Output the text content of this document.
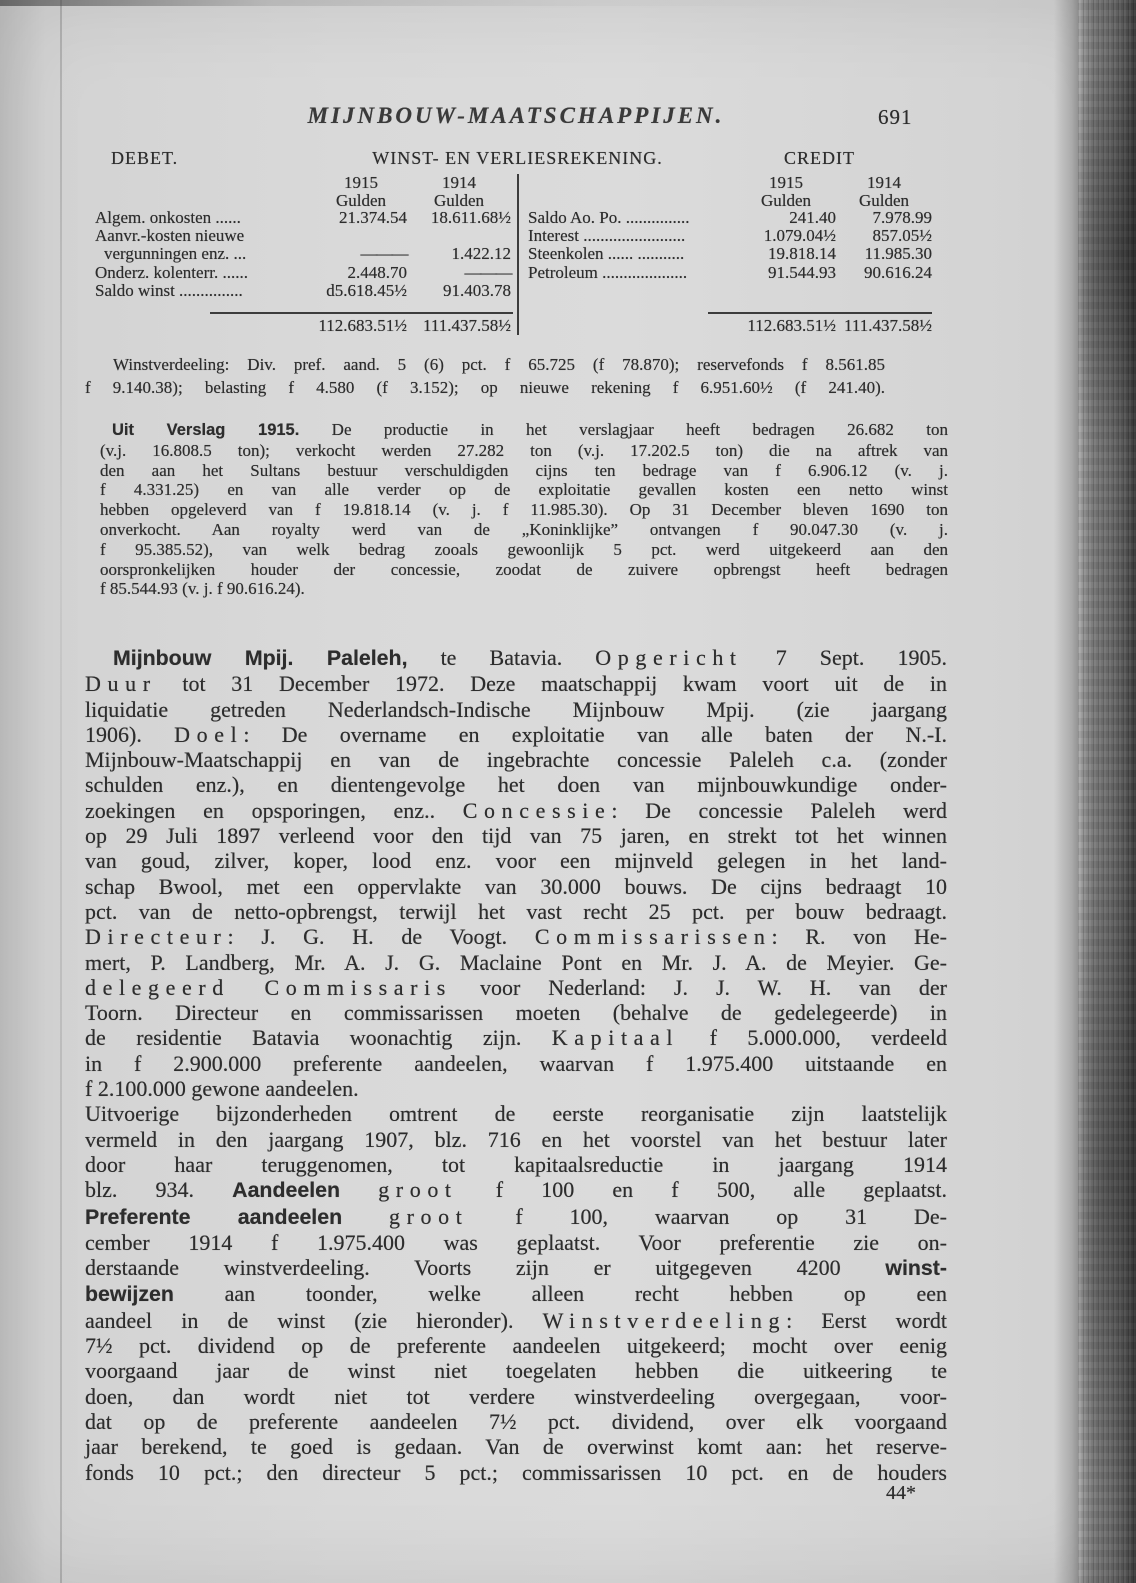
MIJNBOUW-MAATSCHAPPIJEN.	691
DEBET.	WINST- EN VERLIESREKENING.	CREDIT
1915	1914
Gulden	Gulden
Algem. onkosten ......	21.374.54	18.611.68½
Aanvr.-kosten nieuwe
vergunningen enz. ...	———	1.422.12
Onderz. kolenterr. ......	2.448.70	———
Saldo winst ...............	d5.618.45½	91.403.78
112.683.51½ 111.437.58½
1915	1914
Gulden	Gulden
Saldo Ao. Po. ...............	241.40	7.978.99
Interest ........................	1.079.04½	857.05½
Steenkolen ...... ...........	19.818.14	11.985.30
Petroleum ....................	91.544.93	90.616.24
112.683.51½ 111.437.58½
Winstverdeeling: Div. pref. aand. 5 (6) pct. f 65.725 (f 78.870); reservefonds f 8.561.85
f 9.140.38); belasting f 4.580 (f 3.152); op nieuwe rekening f 6.951.60½ (f 241.40).
Uit Verslag 1915. De productie in het verslagjaar heeft bedragen 26.682 ton
(v.j. 16.808.5 ton); verkocht werden 27.282 ton (v.j. 17.202.5 ton) die na aftrek van
den aan het Sultans bestuur verschuldigden cijns ten bedrage van f 6.906.12 (v. j.
f 4.331.25) en van alle verder op de exploitatie gevallen kosten een netto winst
hebben opgeleverd van f 19.818.14 (v. j. f 11.985.30). Op 31 December bleven 1690 ton
onverkocht. Aan royalty werd van de „Koninklijke” ontvangen f 90.047.30 (v. j.
f 95.385.52), van welk bedrag zooals gewoonlijk 5 pct. werd uitgekeerd aan den
oorspronkelijken houder der concessie, zoodat de zuivere opbrengst heeft bedragen
f 85.544.93 (v. j. f 90.616.24).
Mijnbouw Mpij. Paleleh, te Batavia. Opgericht 7 Sept. 1905.
Duur tot 31 December 1972. Deze maatschappij kwam voort uit de in
liquidatie getreden Nederlandsch-Indische Mijnbouw Mpij. (zie jaargang
1906). Doel: De overname en exploitatie van alle baten der N.-I.
Mijnbouw-Maatschappij en van de ingebrachte concessie Paleleh c.a. (zonder
schulden enz.), en dientengevolge het doen van mijnbouwkundige onder-
zoekingen en opsporingen, enz.. Concessie: De concessie Paleleh werd
op 29 Juli 1897 verleend voor den tijd van 75 jaren, en strekt tot het winnen
van goud, zilver, koper, lood enz. voor een mijnveld gelegen in het land-
schap Bwool, met een oppervlakte van 30.000 bouws. De cijns bedraagt 10
pct. van de netto-opbrengst, terwijl het vast recht 25 pct. per bouw bedraagt.
Directeur: J. G. H. de Voogt. Commissarissen: R. von He-
mert, P. Landberg, Mr. A. J. G. Maclaine Pont en Mr. J. A. de Meyier. Ge-
delegeerd Commissaris voor Nederland: J. J. W. H. van der
Toorn. Directeur en commissarissen moeten (behalve de gedelegeerde) in
de residentie Batavia woonachtig zijn. Kapitaal f 5.000.000, verdeeld
in f 2.900.000 preferente aandeelen, waarvan f 1.975.400 uitstaande en
f 2.100.000 gewone aandeelen.
Uitvoerige bijzonderheden omtrent de eerste reorganisatie zijn laatstelijk
vermeld in den jaargang 1907, blz. 716 en het voorstel van het bestuur later
door haar teruggenomen, tot kapitaalsreductie in jaargang 1914
blz. 934. Aandeelen groot f 100 en f 500, alle geplaatst.
Preferente aandeelen groot f 100, waarvan op 31 De-
cember 1914 f 1.975.400 was geplaatst. Voor preferentie zie on-
derstaande winstverdeeling. Voorts zijn er uitgegeven 4200 winst-
bewijzen aan toonder, welke alleen recht hebben op een
aandeel in de winst (zie hieronder). Winstverdeeling: Eerst wordt
7½ pct. dividend op de preferente aandeelen uitgekeerd; mocht over eenig
voorgaand jaar de winst niet toegelaten hebben die uitkeering te
doen, dan wordt niet tot verdere winstverdeeling overgegaan, voor-
dat op de preferente aandeelen 7½ pct. dividend, over elk voorgaand
jaar berekend, te goed is gedaan. Van de overwinst komt aan: het reserve-
fonds 10 pct.; den directeur 5 pct.; commissarissen 10 pct. en de houders
44*
